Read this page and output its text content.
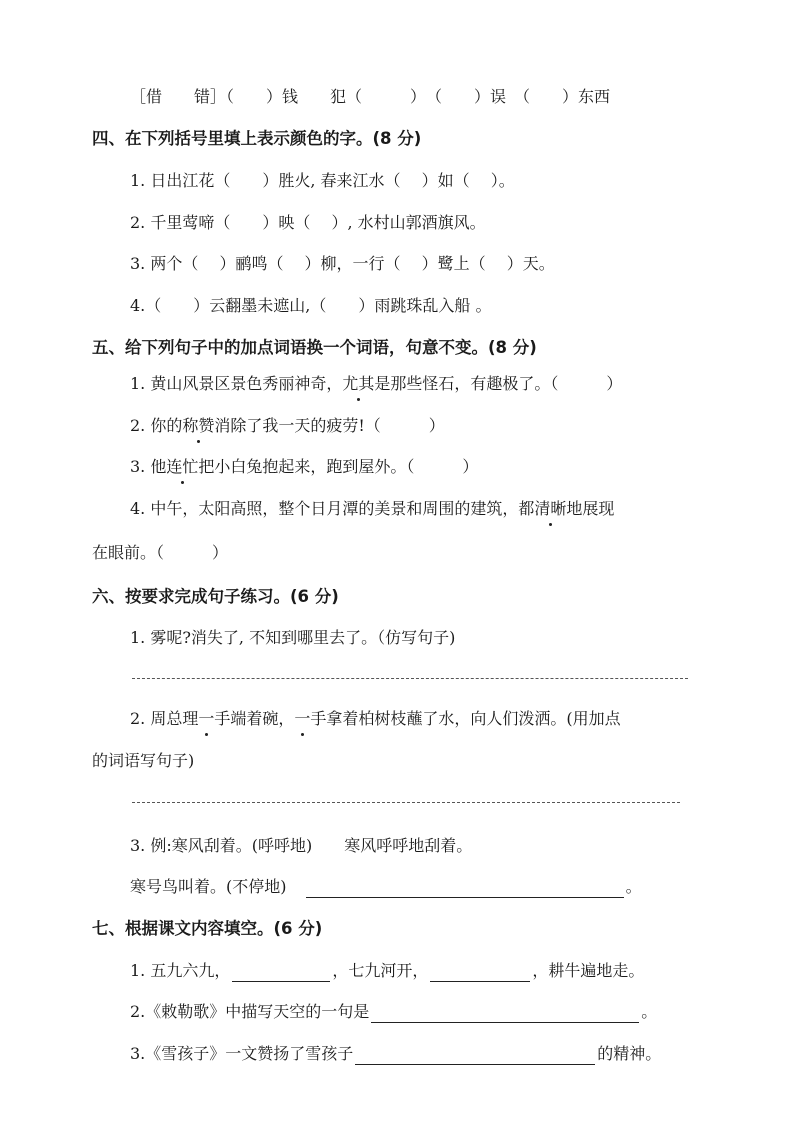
［借　　错］（　　）钱　　犯（　　　）　（　　）误　（　　）东西
四、在下列括号里填上表示颜色的字。(8 分)
1. 日出江花（　　）胜火, 春来江水（　 ）如（　 ）。
2. 千里莺啼（　　）映（　 ）, 水村山郭酒旗风。
3. 两个（　 ）鹂鸣（　 ）柳，一行（　 ）鹭上（　 ）天。
4.（　　）云翻墨未遮山,（　　）雨跳珠乱入船 。
五、给下列句子中的加点词语换一个词语，句意不变。(8 分)
1. 黄山风景区景色秀丽神奇，尤其是那些怪石，有趣极了。（　　　）
2. 你的称赞消除了我一天的疲劳!（　　　）
3. 他连忙把小白兔抱起来，跑到屋外。（　　　）
4. 中午，太阳高照，整个日月潭的美景和周围的建筑，都清晰地展现
在眼前。（　　　）
六、按要求完成句子练习。(6 分)
1. 雾呢?消失了, 不知到哪里去了。（仿写句子)
2. 周总理一手端着碗，一手拿着柏树枝蘸了水，向人们泼洒。(用加点
的词语写句子)
3. 例:寒风刮着。(呼呼地)　　寒风呼呼地刮着。
寒号鸟叫着。(不停地)	。
七、根据课文内容填空。(6 分)
1. 五九六九，	，七九河开，	，耕牛遍地走。
2.《敕勒歌》中描写天空的一句是	。
3.《雪孩子》一文赞扬了雪孩子	的精神。
